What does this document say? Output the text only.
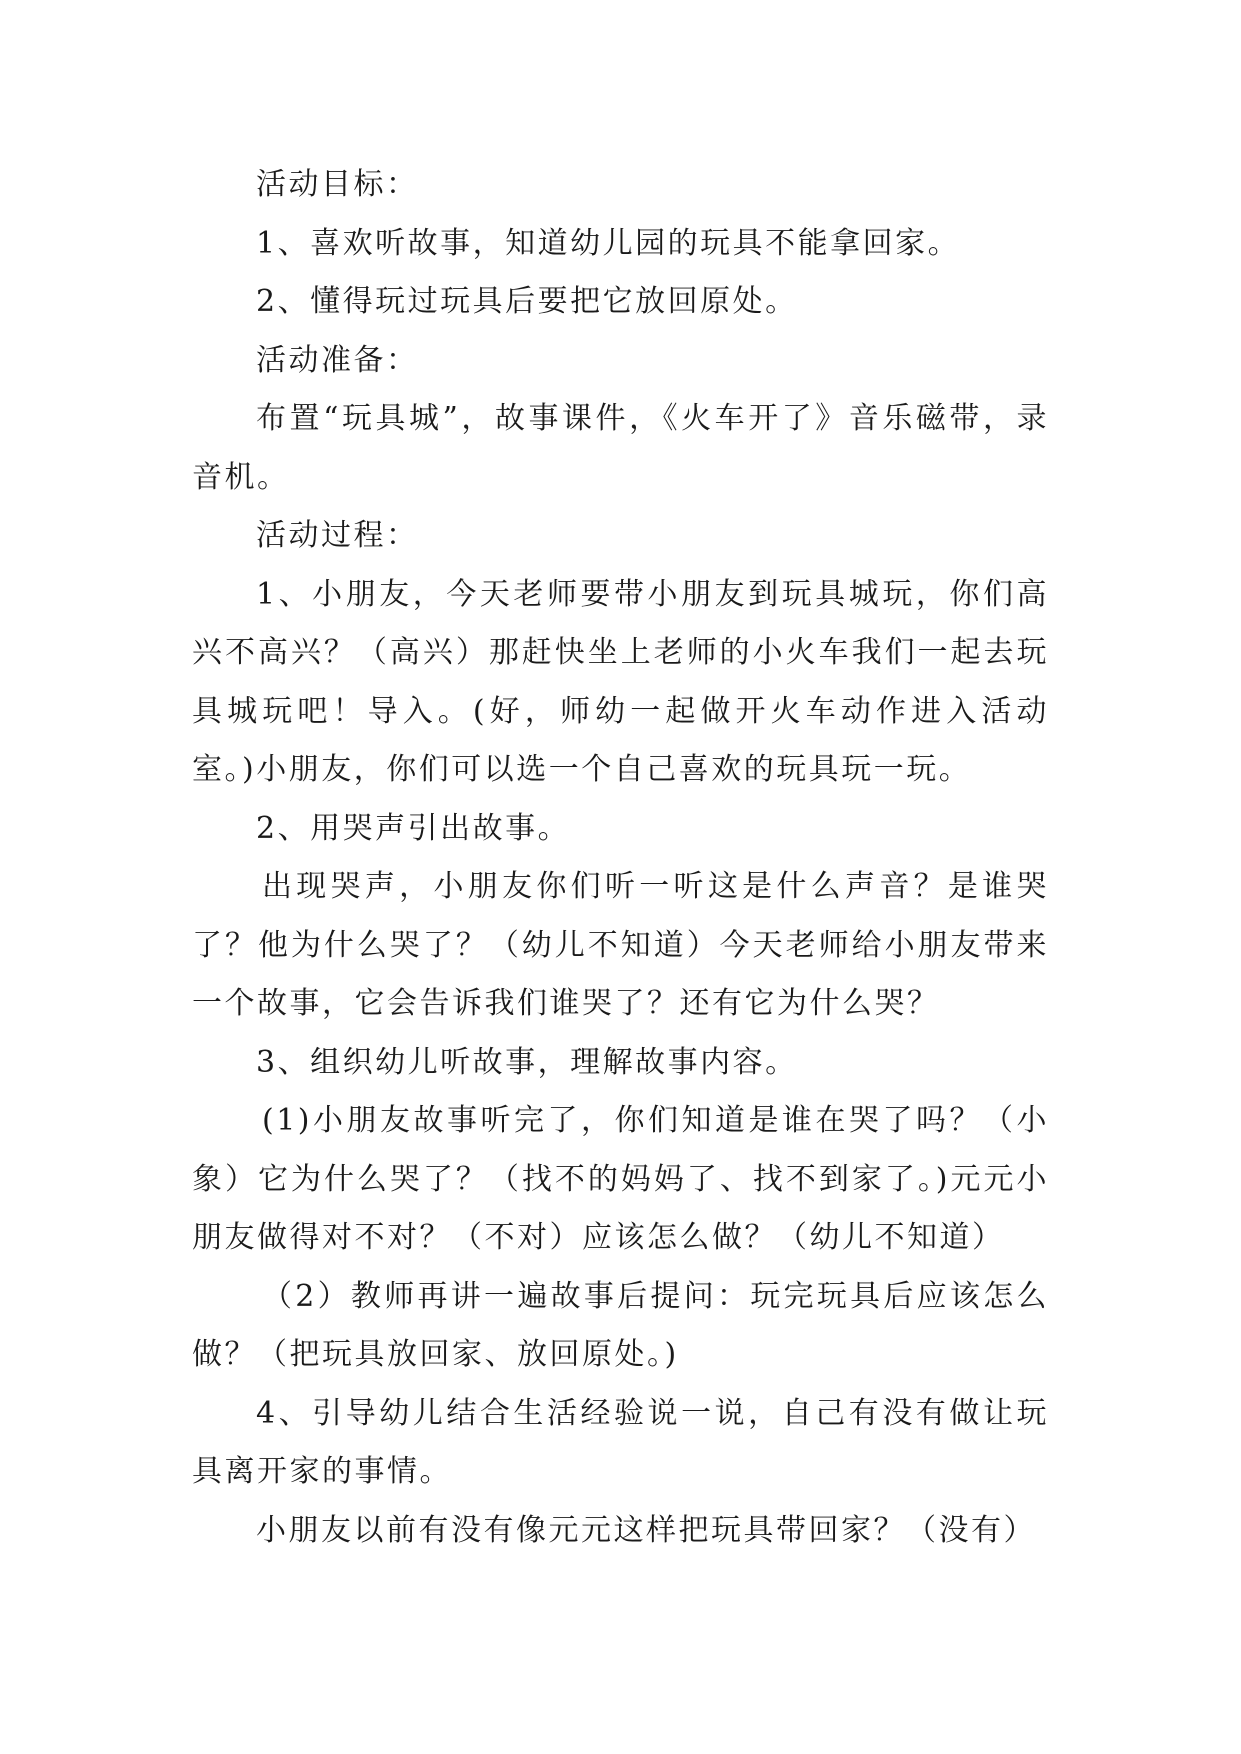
活动目标：

1、喜欢听故事，知道幼儿园的玩具不能拿回家。

2、懂得玩过玩具后要把它放回原处。

活动准备：

布置“玩具城”，故事课件，《火车开了》音乐磁带，录音机。

活动过程：

1、小朋友，今天老师要带小朋友到玩具城玩，你们高兴不高兴？（高兴）那赶快坐上老师的小火车我们一起去玩具城玩吧！导入。(好，师幼一起做开火车动作进入活动室。)小朋友，你们可以选一个自己喜欢的玩具玩一玩。

2、用哭声引出故事。

出现哭声，小朋友你们听一听这是什么声音？是谁哭了？他为什么哭了？（幼儿不知道）今天老师给小朋友带来一个故事，它会告诉我们谁哭了？还有它为什么哭？

3、组织幼儿听故事，理解故事内容。

(1)小朋友故事听完了，你们知道是谁在哭了吗？（小象）它为什么哭了？（找不的妈妈了、找不到家了。)元元小朋友做得对不对？（不对）应该怎么做？（幼儿不知道）

（2）教师再讲一遍故事后提问：玩完玩具后应该怎么做？（把玩具放回家、放回原处。)

4、引导幼儿结合生活经验说一说，自己有没有做让玩具离开家的事情。

小朋友以前有没有像元元这样把玩具带回家？（没有）
